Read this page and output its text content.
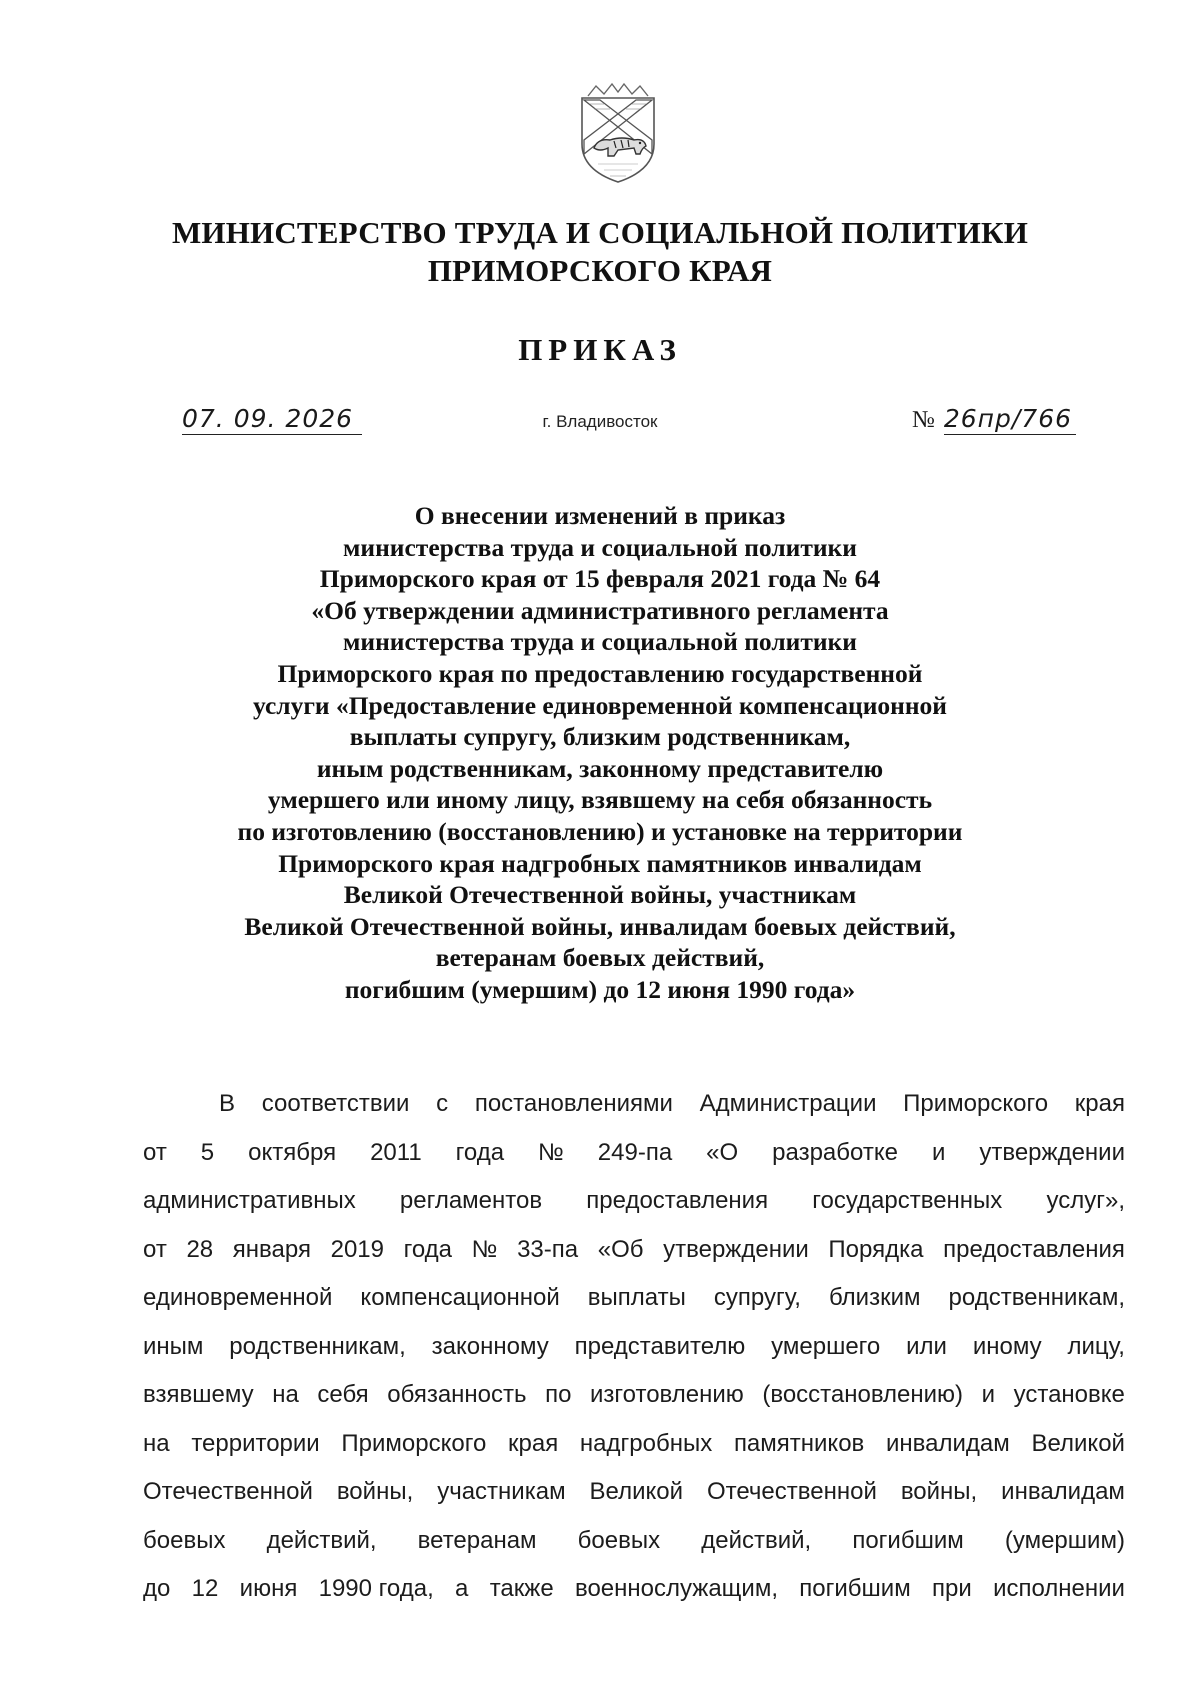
МИНИСТЕРСТВО ТРУДА И СОЦИАЛЬНОЙ ПОЛИТИКИ
ПРИМОРСКОГО КРАЯ
ПРИКАЗ
07. 09. 2026	г. Владивосток	№ 26пр/766
О внесении изменений в приказ
министерства труда и социальной политики
Приморского края от 15 февраля 2021 года № 64
«Об утверждении административного регламента
министерства труда и социальной политики
Приморского края по предоставлению государственной
услуги «Предоставление единовременной компенсационной
выплаты супругу, близким родственникам,
иным родственникам, законному представителю
умершего или иному лицу, взявшему на себя обязанность
по изготовлению (восстановлению) и установке на территории
Приморского края надгробных памятников инвалидам
Великой Отечественной войны, участникам
Великой Отечественной войны, инвалидам боевых действий,
ветеранам боевых действий,
погибшим (умершим) до 12 июня 1990 года»
В соответствии с постановлениями Администрации Приморского края
от 5 октября 2011 года № 249-па «О разработке и утверждении
административных регламентов предоставления государственных услуг»,
от 28 января 2019 года № 33-па «Об утверждении Порядка предоставления
единовременной компенсационной выплаты супругу, близким родственникам,
иным родственникам, законному представителю умершего или иному лицу,
взявшему на себя обязанность по изготовлению (восстановлению) и установке
на территории Приморского края надгробных памятников инвалидам Великой
Отечественной войны, участникам Великой Отечественной войны, инвалидам
боевых действий, ветеранам боевых действий, погибшим (умершим)
до 12 июня 1990 года, а также военнослужащим, погибшим при исполнении
